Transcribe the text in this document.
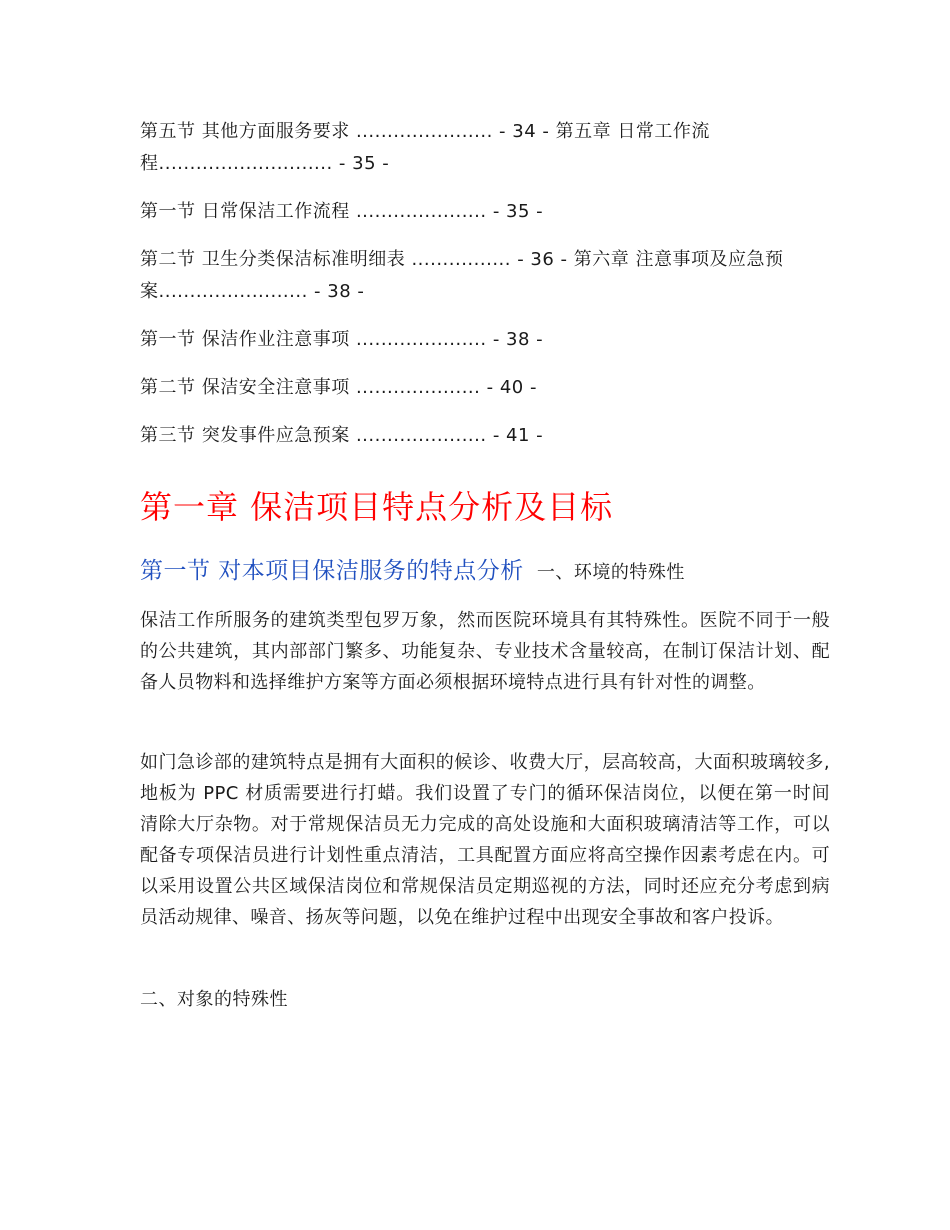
第五节 其他方面服务要求 ...................... - 34 - 第五章 日常工作流程............................ - 35 -

第一节 日常保洁工作流程 ..................... - 35 -

第二节 卫生分类保洁标准明细表 ................ - 36 - 第六章 注意事项及应急预案........................ - 38 -

第一节 保洁作业注意事项 ..................... - 38 -

第二节 保洁安全注意事项 .................... - 40 -

第三节 突发事件应急预案 ..................... - 41 -

第一章 保洁项目特点分析及目标

第一节 对本项目保洁服务的特点分析 一、环境的特殊性

保洁工作所服务的建筑类型包罗万象，然而医院环境具有其特殊性。医院不同于一般的公共建筑，其内部部门繁多、功能复杂、专业技术含量较高，在制订保洁计划、配备人员物料和选择维护方案等方面必须根据环境特点进行具有针对性的调整。

如门急诊部的建筑特点是拥有大面积的候诊、收费大厅，层高较高，大面积玻璃较多,地板为 PPC 材质需要进行打蜡。我们设置了专门的循环保洁岗位，以便在第一时间清除大厅杂物。对于常规保洁员无力完成的高处设施和大面积玻璃清洁等工作，可以配备专项保洁员进行计划性重点清洁，工具配置方面应将高空操作因素考虑在内。可以采用设置公共区域保洁岗位和常规保洁员定期巡视的方法，同时还应充分考虑到病员活动规律、噪音、扬灰等问题，以免在维护过程中出现安全事故和客户投诉。

二、对象的特殊性
